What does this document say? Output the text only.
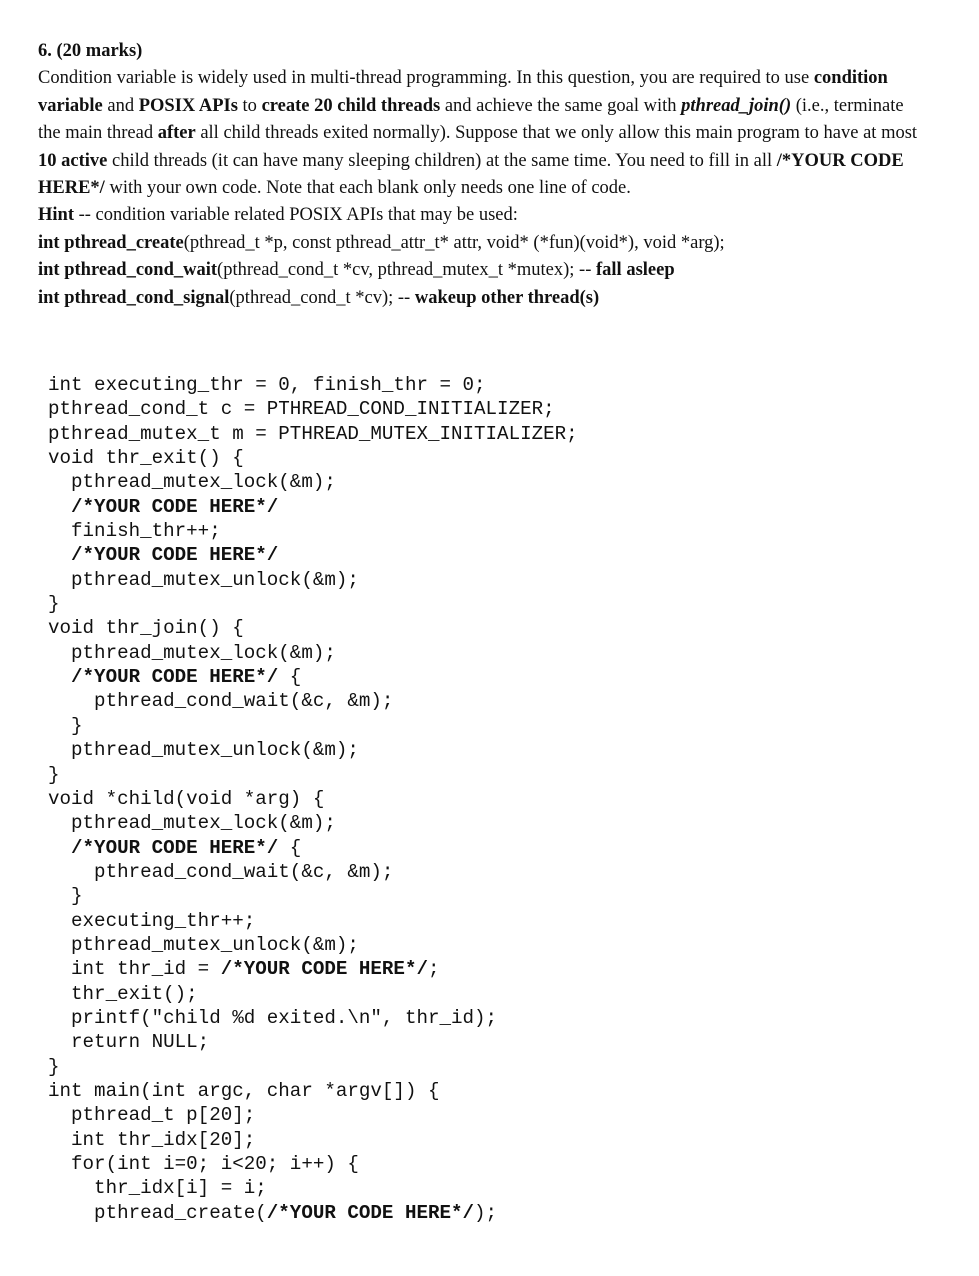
6. (20 marks)

Condition variable is widely used in multi-thread programming. In this question, you are required to use condition variable and POSIX APIs to create 20 child threads and achieve the same goal with pthread_join() (i.e., terminate the main thread after all child threads exited normally). Suppose that we only allow this main program to have at most 10 active child threads (it can have many sleeping children) at the same time. You need to fill in all /*YOUR CODE HERE*/ with your own code. Note that each blank only needs one line of code.

Hint -- condition variable related POSIX APIs that may be used:

int pthread_create(pthread_t *p, const pthread_attr_t* attr, void* (*fun)(void*), void *arg);

int pthread_cond_wait(pthread_cond_t *cv, pthread_mutex_t *mutex); -- fall asleep

int pthread_cond_signal(pthread_cond_t *cv); -- wakeup other thread(s)

int executing_thr = 0, finish_thr = 0;
pthread_cond_t c = PTHREAD_COND_INITIALIZER;
pthread_mutex_t m = PTHREAD_MUTEX_INITIALIZER;
void thr_exit() {
pthread_mutex_lock(&m);
/*YOUR CODE HERE*/
finish_thr++;
/*YOUR CODE HERE*/
pthread_mutex_unlock(&m);
}
void thr_join() {
pthread_mutex_lock(&m);
/*YOUR CODE HERE*/ {
pthread_cond_wait(&c, &m);
}
pthread_mutex_unlock(&m);
}
void *child(void *arg) {
pthread_mutex_lock(&m);
/*YOUR CODE HERE*/ {
pthread_cond_wait(&c, &m);
}
executing_thr++;
pthread_mutex_unlock(&m);
int thr_id = /*YOUR CODE HERE*/;
thr_exit();
printf("child %d exited.\n", thr_id);
return NULL;
}
int main(int argc, char *argv[]) {
pthread_t p[20];
int thr_idx[20];
for(int i=0; i<20; i++) {
thr_idx[i] = i;
pthread_create(/*YOUR CODE HERE*/);
